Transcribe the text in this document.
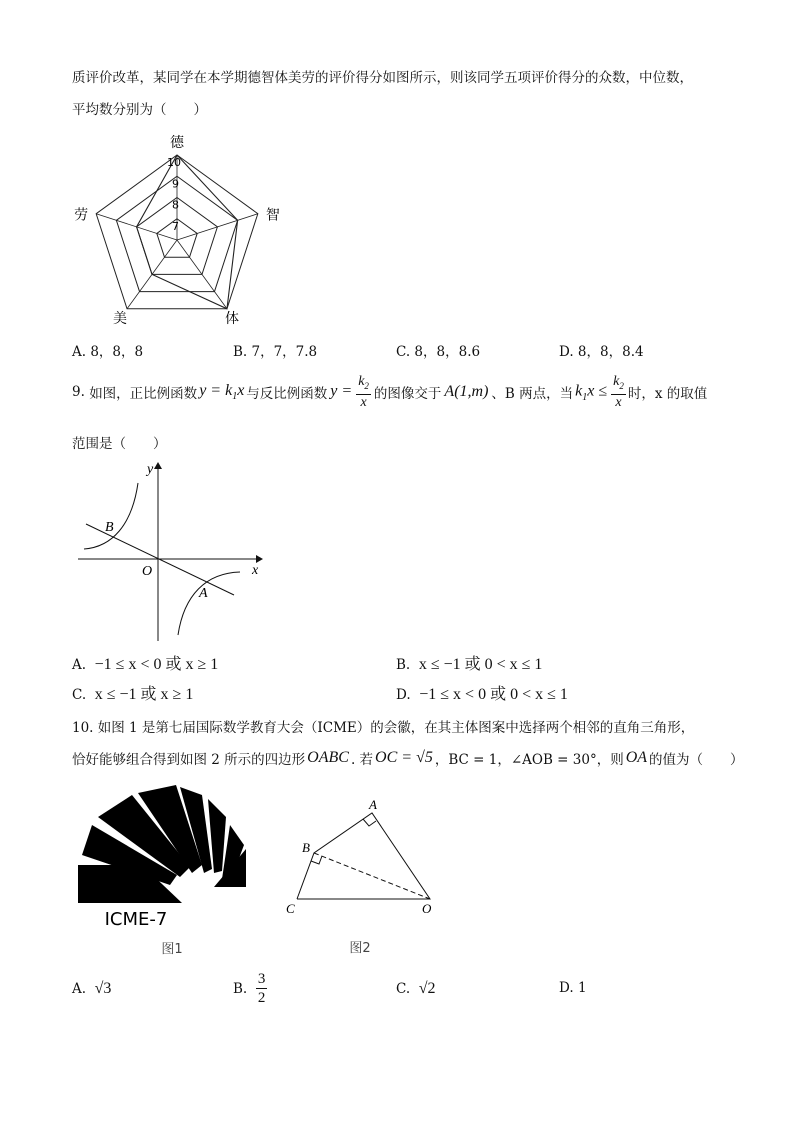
质评价改革，某同学在本学期德智体美劳的评价得分如图所示，则该同学五项评价得分的众数，中位数，
平均数分别为（　　）
10
9
8
7
德
智
体
美
劳
A. 8，8，8	B. 7，7，7.8	C. 8，8，8.6	D. 8，8，8.4
9.
如图，正比例函数 $y = k_1x$ 与反比例函数 $y = \frac{k_2}{x}$ 的图像交于 A(1,m) 、B 两点，当 $k_1x \le \frac{k_2}{x}$ 时，x 的取值
范围是（　　）
y
x
O
B
A
A. −1 ≤ x < 0 或 x ≥ 1	B. x ≤ −1 或 0 < x ≤ 1
C. x ≤ −1 或 x ≥ 1	D. −1 ≤ x < 0 或 0 < x ≤ 1
10. 如图 1 是第七届国际数学教育大会（ICME）的会徽，在其主体图案中选择两个相邻的直角三角形，
恰好能够组合得到如图 2 所示的四边形 OABC . 若 OC = √5 ，BC = 1，∠AOB = 30°，则 OA 的值为（　　）
ICME-7
图1
A
B
C	O
图2
A. √3	B.
$\frac{3}{2}$	C. √2	D. 1
